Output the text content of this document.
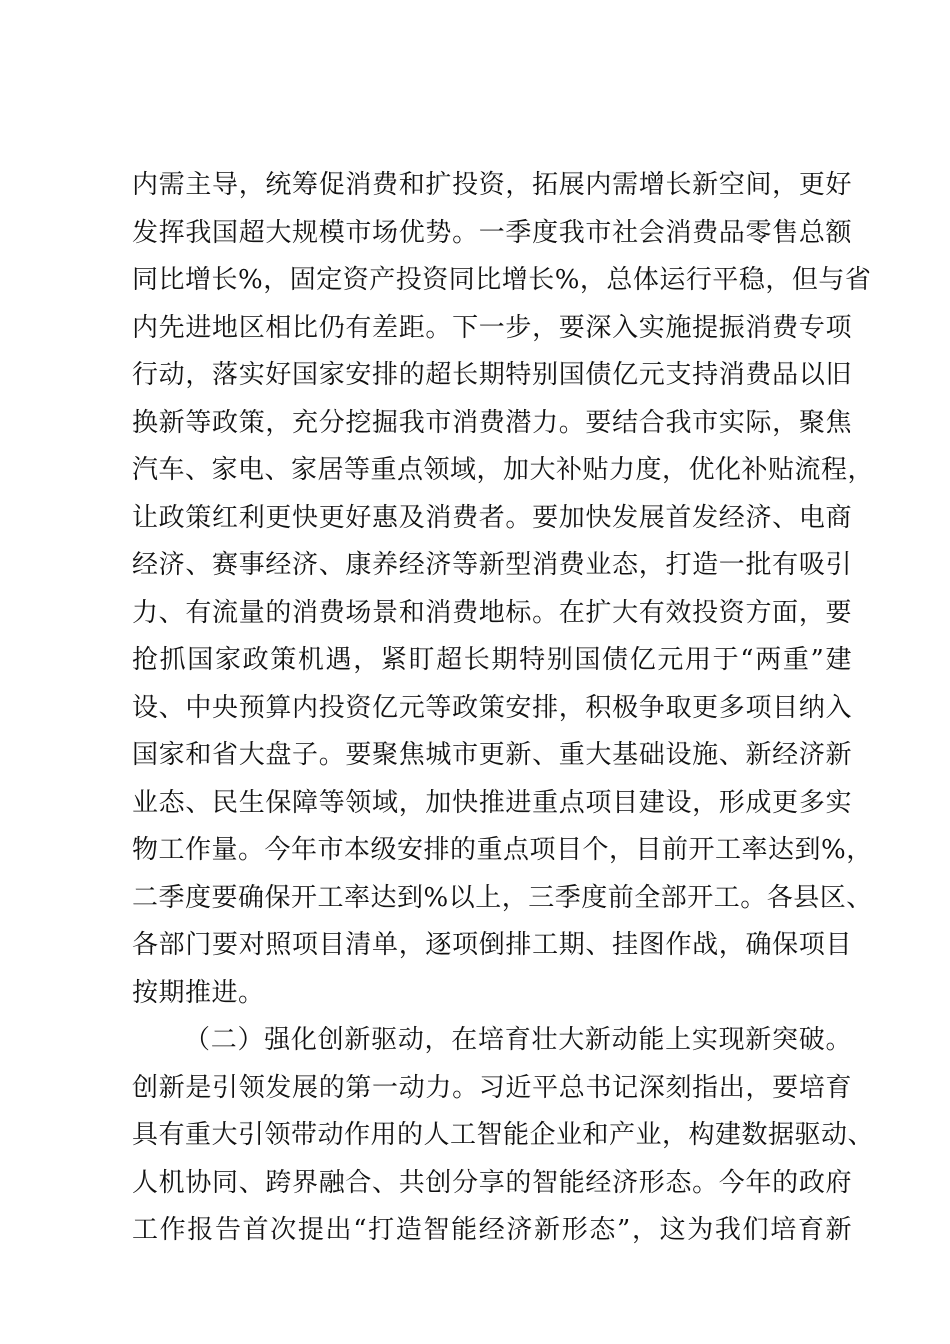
内需主导，统筹促消费和扩投资，拓展内需增长新空间，更好
发挥我国超大规模市场优势。一季度我市社会消费品零售总额
同比增长%，固定资产投资同比增长%，总体运行平稳，但与省
内先进地区相比仍有差距。下一步，要深入实施提振消费专项
行动，落实好国家安排的超长期特别国债亿元支持消费品以旧
换新等政策，充分挖掘我市消费潜力。要结合我市实际，聚焦
汽车、家电、家居等重点领域，加大补贴力度，优化补贴流程，
让政策红利更快更好惠及消费者。要加快发展首发经济、电商
经济、赛事经济、康养经济等新型消费业态，打造一批有吸引
力、有流量的消费场景和消费地标。在扩大有效投资方面，要
抢抓国家政策机遇，紧盯超长期特别国债亿元用于“两重”建
设、中央预算内投资亿元等政策安排，积极争取更多项目纳入
国家和省大盘子。要聚焦城市更新、重大基础设施、新经济新
业态、民生保障等领域，加快推进重点项目建设，形成更多实
物工作量。今年市本级安排的重点项目个，目前开工率达到%，
二季度要确保开工率达到%以上，三季度前全部开工。各县区、
各部门要对照项目清单，逐项倒排工期、挂图作战，确保项目
按期推进。
（二）强化创新驱动，在培育壮大新动能上实现新突破。
创新是引领发展的第一动力。习近平总书记深刻指出，要培育
具有重大引领带动作用的人工智能企业和产业，构建数据驱动、
人机协同、跨界融合、共创分享的智能经济形态。今年的政府
工作报告首次提出“打造智能经济新形态”，这为我们培育新
